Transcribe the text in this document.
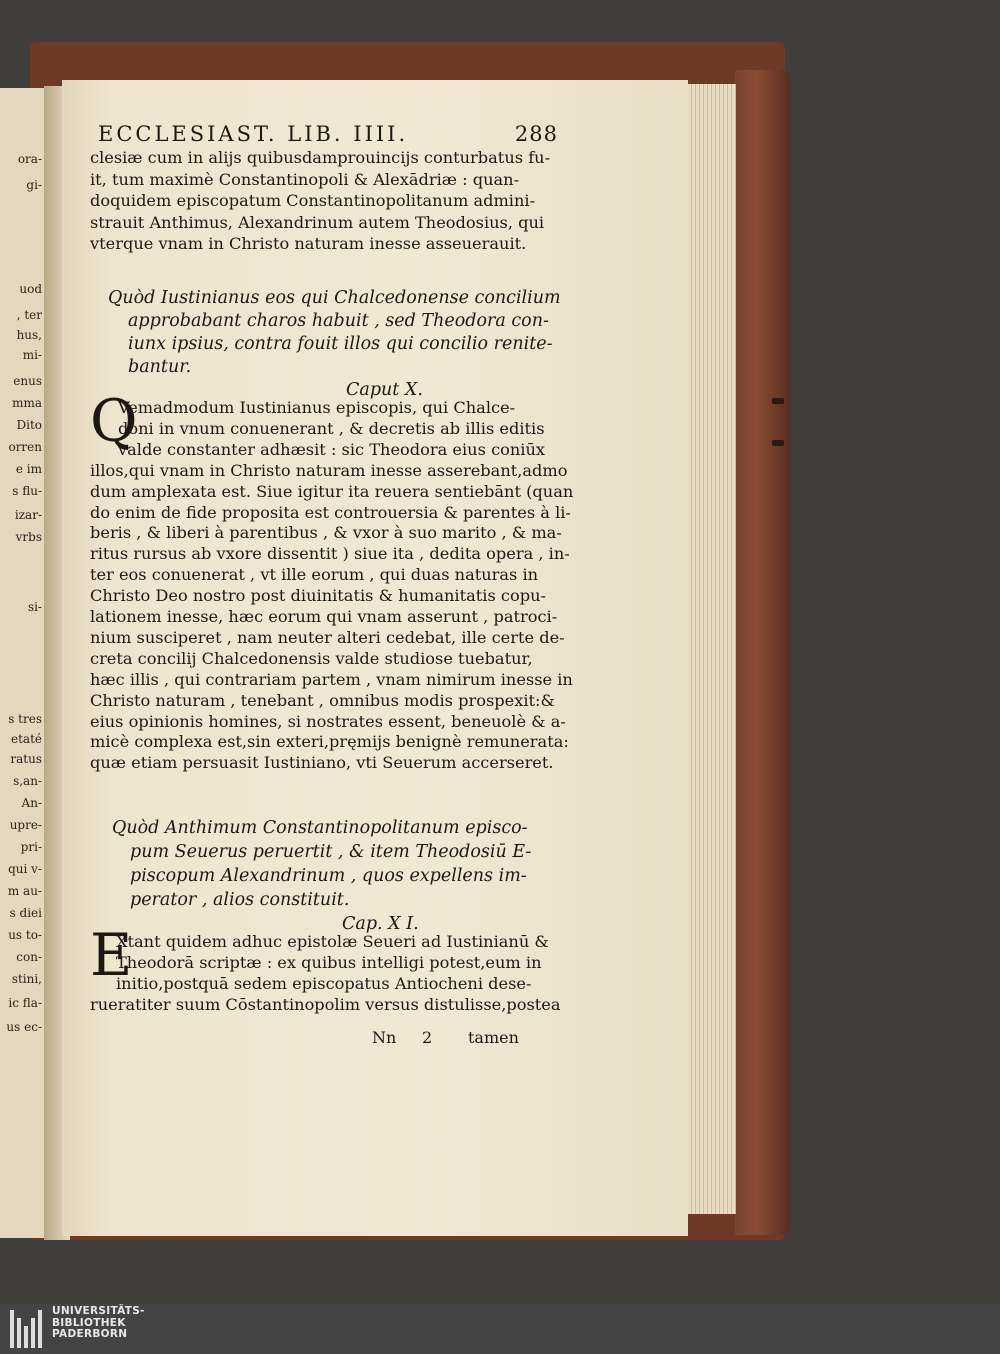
ora-
gi-
uod
, ter
hus,
mi-
enus
mma
Dito
orren
e im
s flu-
izar-
vrbs
si-
s tres
etaté
ratus
s,an-
An-
upre-
pri-
qui v-
m au-
s diei
us to-
con-
stini,
ic fla-
us ec-
ECCLESIAST. LIB. IIII.	288
clesiæ cum in alijs quibusdamprouincijs conturbatus fu-
it, tum maximè Constantinopoli & Alexādriæ : quan-
doquidem episcopatum Constantinopolitanum admini-
strauit Anthimus, Alexandrinum autem Theodosius, qui
vterque vnam in Christo naturam inesse asseuerauit.
Quòd Iustinianus eos qui Chalcedonense concilium
approbabant charos habuit , sed Theodora con-
iunx ipsius, contra fouit illos qui concilio renite-
bantur.
Caput X.
Q
Vemadmodum Iustinianus episcopis, qui Chalce-
doni in vnum conuenerant , & decretis ab illis editis
valde constanter adhæsit : sic Theodora eius coniūx
illos,qui vnam in Christo naturam inesse asserebant,admo
dum amplexata est. Siue igitur ita reuera sentiebānt (quan
do enim de fide proposita est controuersia & parentes à li-
beris , & liberi à parentibus , & vxor à suo marito , & ma-
ritus rursus ab vxore dissentit ) siue ita , dedita opera , in-
ter eos conuenerat , vt ille eorum , qui duas naturas in
Christo Deo nostro post diuinitatis & humanitatis copu-
lationem inesse, hæc eorum qui vnam asserunt , patroci-
nium susciperet , nam neuter alteri cedebat, ille certe de-
creta concilij Chalcedonensis valde studiose tuebatur,
hæc illis , qui contrariam partem , vnam nimirum inesse in
Christo naturam , tenebant , omnibus modis prospexit:&
eius opinionis homines, si nostrates essent, beneuolè & a-
micè complexa est,sin exteri,pręmijs benignè remunerata:
quæ etiam persuasit Iustiniano, vti Seuerum accerseret.
Quòd Anthimum Constantinopolitanum episco-
pum Seuerus peruertit , & item Theodosiū E-
piscopum Alexandrinum , quos expellens im-
perator , alios constituit.
Cap. X I.
E
Xtant quidem adhuc epistolæ Seueri ad Iustinianū &
Theodorā scriptæ : ex quibus intelligi potest,eum in
initio,postquā sedem episcopatus Antiocheni dese-
rueratiter suum Cōstantinopolim versus distulisse,postea
Nn 2 tamen
UNIVERSITÄTS-
BIBLIOTHEK
PADERBORN
